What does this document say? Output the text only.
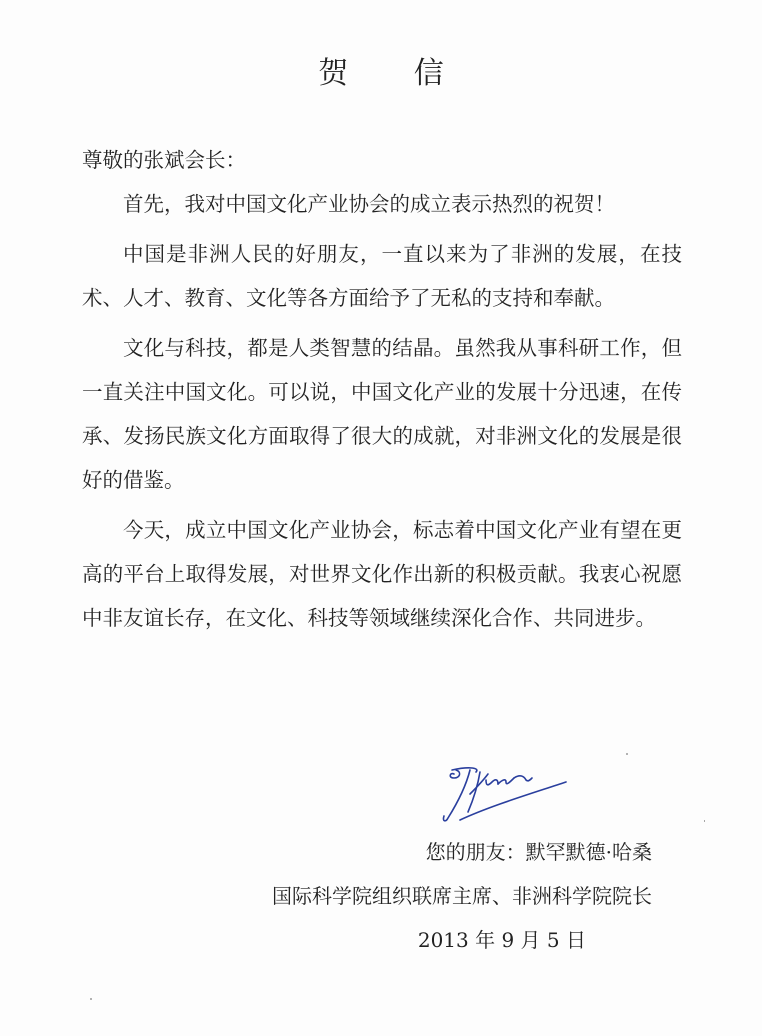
贺 信

尊敬的张斌会长：

首先，我对中国文化产业协会的成立表示热烈的祝贺！

中国是非洲人民的好朋友，一直以来为了非洲的发展，在技术、人才、教育、文化等各方面给予了无私的支持和奉献。

文化与科技，都是人类智慧的结晶。虽然我从事科研工作，但一直关注中国文化。可以说，中国文化产业的发展十分迅速，在传承、发扬民族文化方面取得了很大的成就，对非洲文化的发展是很好的借鉴。

今天，成立中国文化产业协会，标志着中国文化产业有望在更高的平台上取得发展，对世界文化作出新的积极贡献。我衷心祝愿中非友谊长存，在文化、科技等领域继续深化合作、共同进步。

您的朋友：默罕默德·哈桑
国际科学院组织联席主席、非洲科学院院长
2013 年 9 月 5 日
